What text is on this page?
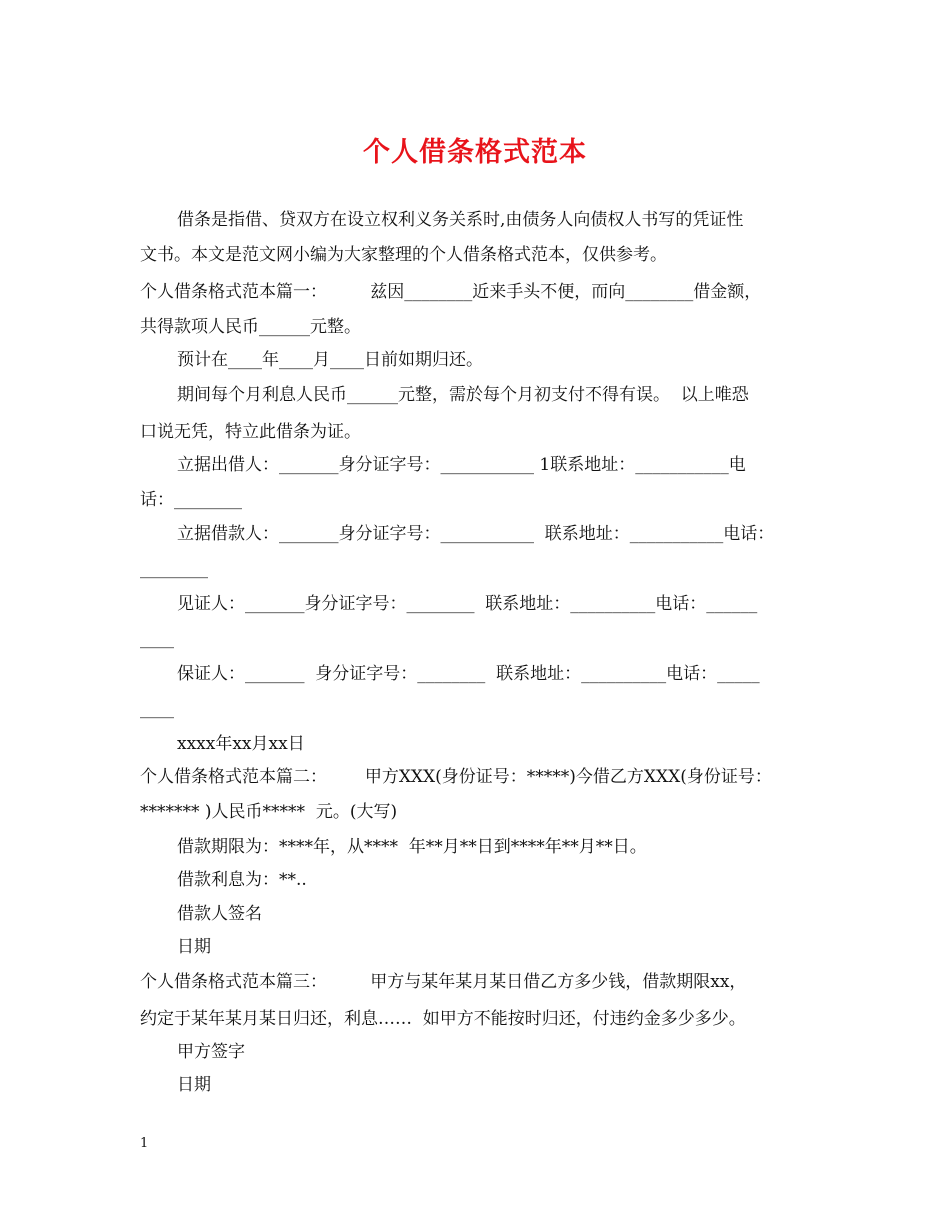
个人借条格式范本
借条是指借、贷双方在设立权利义务关系时,由债务人向债权人书写的凭证性
文书。本文是范文网小编为大家整理的个人借条格式范本，仅供参考。
个人借条格式范本篇一：        兹因________近来手头不便，而向________借金额，
共得款项人民币______元整。
预计在____年____月____日前如期归还。
期间每个月利息人民币______元整，需於每个月初支付不得有误。  以上唯恐
口说无凭，特立此借条为证。
立据出借人：_______身分证字号：___________ 1联系地址：___________电
话：________
立据借款人：_______身分证字号：___________  联系地址：___________电话：
________
见证人：_______身分证字号：________  联系地址：__________电话：______
____
保证人：_______  身分证字号：________  联系地址：__________电话：_____
____
xxxx年xx月xx日
个人借条格式范本篇二：       甲方XXX(身份证号：*****)今借乙方XXX(身份证号：
******* )人民币*****  元。(大写)
借款期限为：****年，从****  年**月**日到****年**月**日。
借款利息为：**..
借款人签名
日期
个人借条格式范本篇三：        甲方与某年某月某日借乙方多少钱，借款期限xx，
约定于某年某月某日归还，利息……  如甲方不能按时归还，付违约金多少多少。
甲方签字
日期
1
